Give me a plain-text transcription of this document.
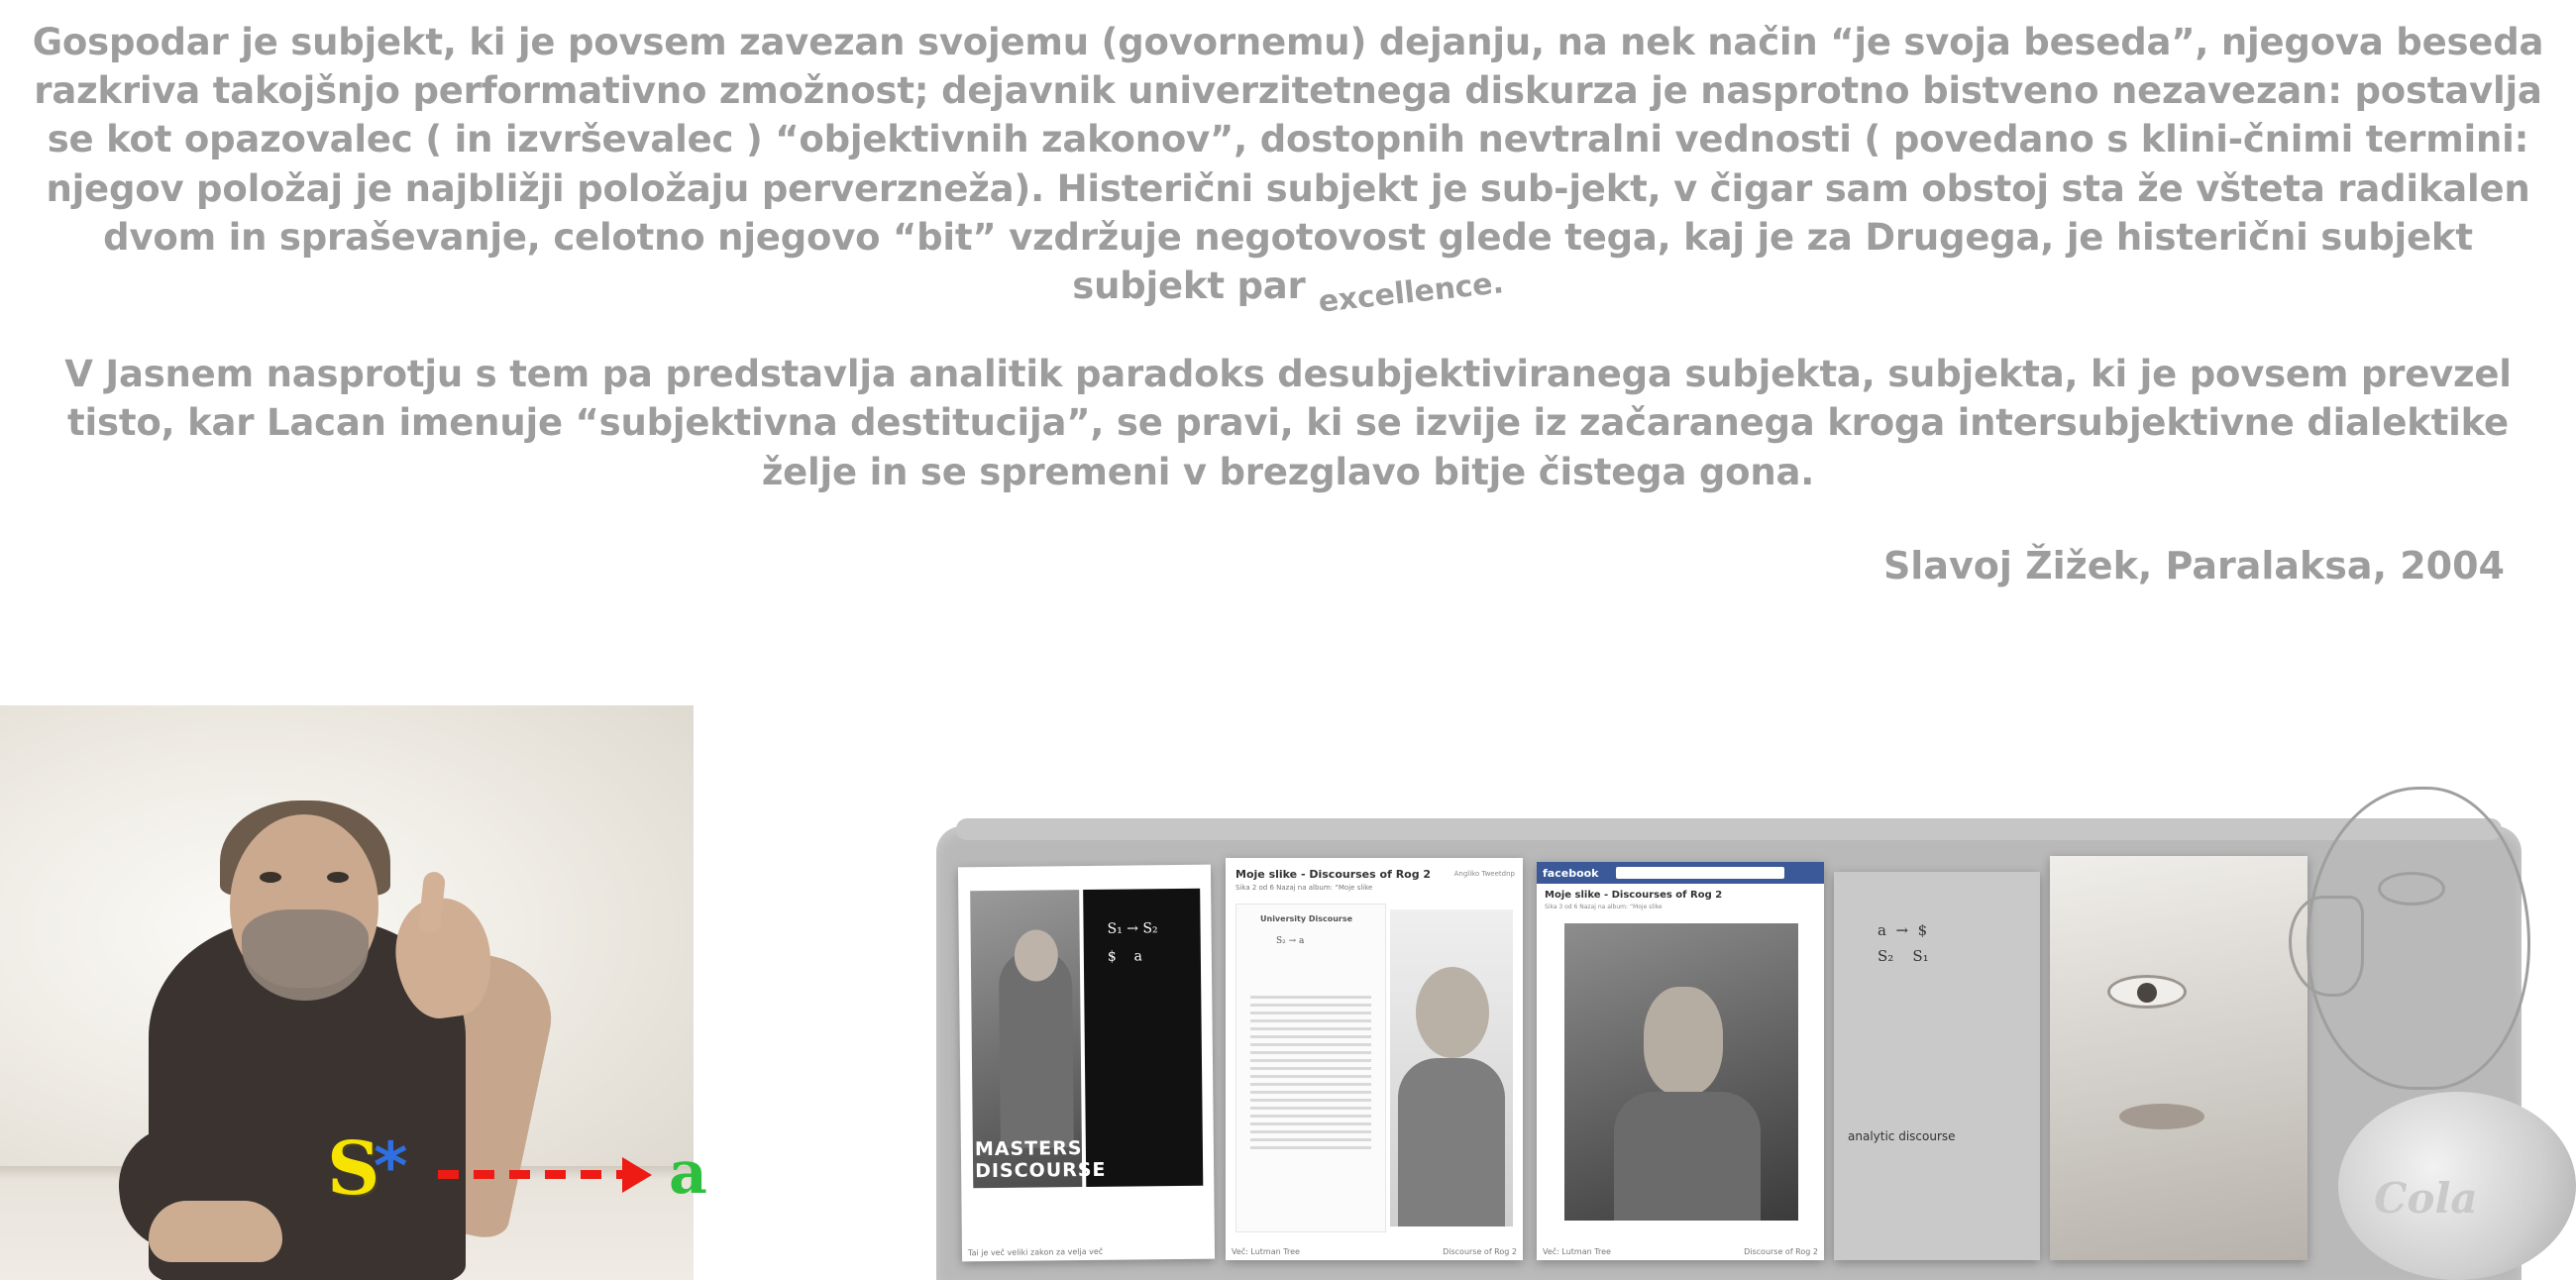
Gospodar je subjekt, ki je povsem zavezan svojemu (govornemu) dejanju, na nek način “je svoja beseda”, njegova beseda razkriva takojšnjo performativno zmožnost; dejavnik univerzitetnega diskurza je nasprotno bistveno nezavezan: postavlja se kot opazovalec ( in izvrševalec ) “objektivnih zakonov”, dostopnih nevtralni vednosti ( povedano s klini-čnimi termini: njegov položaj je najbližji položaju perverzneža). Histerični subjekt je sub-jekt, v čigar sam obstoj sta že všteta radikalen dvom in spraševanje, celotno njegovo “bit” vzdržuje negotovost glede tega, kaj je za Drugega, je histerični subjekt subjekt par excellence.

V Jasnem nasprotju s tem pa predstavlja analitik paradoks desubjektiviranega subjekta, subjekta, ki je povsem prevzel tisto, kar Lacan imenuje “subjektivna destitucija”, se pravi, ki se izvije iz začaranega kroga intersubjektivne dialektike želje in se spremeni v brezglavo bitje čistega gona.

Slavoj Žižek, Paralaksa, 2004
S
*	a
S₁ → S₂
$    a
MASTERS DISCOURSE
Tai je več veliki zakon za velja več
Moje slike - Discourses of Rog 2
Sika 2 od 6 Nazaj na album: “Moje slike
Angliko Tweetdnp
University Discourse
S₂ → a
Več: Lutman Tree	Discourse of Rog 2
facebook
Moje slike - Discourses of Rog 2
Sika 3 od 6 Nazaj na album: “Moje slike
Več: Lutman Tree	Discourse of Rog 2
a  →  $
S₂    S₁
analytic discourse
Cola
